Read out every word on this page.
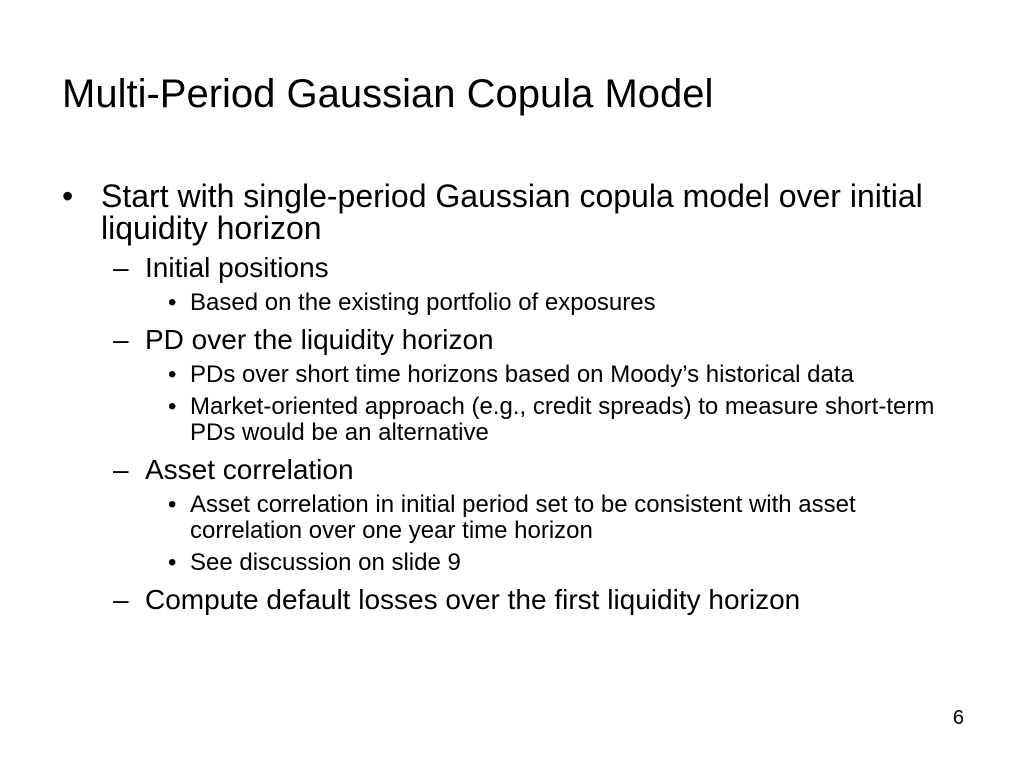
Multi-Period Gaussian Copula Model
• Start with single-period Gaussian copula model over initial liquidity horizon
– Initial positions
• Based on the existing portfolio of exposures
– PD over the liquidity horizon
• PDs over short time horizons based on Moody’s historical data
• Market-oriented approach (e.g., credit spreads) to measure short-term PDs would be an alternative
– Asset correlation
• Asset correlation in initial period set to be consistent with asset correlation over one year time horizon
• See discussion on slide 9
– Compute default losses over the first liquidity horizon
6
